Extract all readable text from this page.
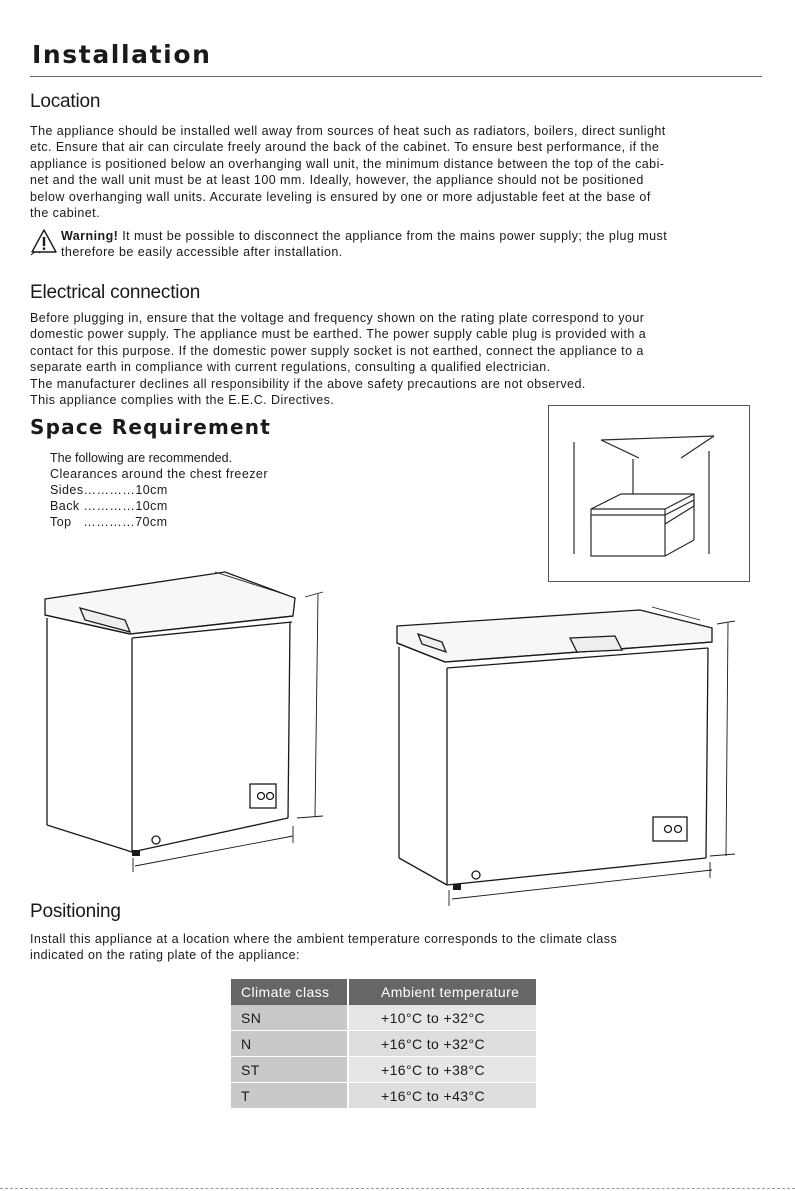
Installation
Location

The appliance should be installed well away from sources of heat such as radiators, boilers, direct sunlight

etc. Ensure that air can circulate freely around the back of the cabinet. To ensure best performance, if the

appliance is positioned below an overhanging wall unit, the minimum distance between the top of the cabi-

net and the wall unit must be at least 100 mm. Ideally, however, the appliance should not be positioned

below overhanging wall units. Accurate leveling is ensured by one or more adjustable feet at the base of

the cabinet.

Warning! It must be possible to disconnect the appliance from the mains power supply; the plug must
therefore be easily accessible after installation.
Electrical connection

Before plugging in, ensure that the voltage and frequency shown on the rating plate correspond to your

domestic power supply. The appliance must be earthed. The power supply cable plug is provided with a

contact for this purpose. If the domestic power supply socket is not earthed, connect the appliance to a

separate earth in compliance with current regulations, consulting a qualified electrician.

The manufacturer declines all responsibility if the above safety precautions are not observed.

This appliance complies with the E.E.C. Directives.

Space Requirement
The following are recommended.
Clearances around the chest freezer
Sides…………10cm
Back …………10cm
Top   …………70cm
Positioning

Install this appliance at a location where the ambient temperature corresponds to the climate class

indicated on the rating plate of the appliance:

Climate class	Ambient temperature
SN	+10°C to +32°C
N	+16°C to +32°C
ST	+16°C to +38°C
T	+16°C to +43°C
